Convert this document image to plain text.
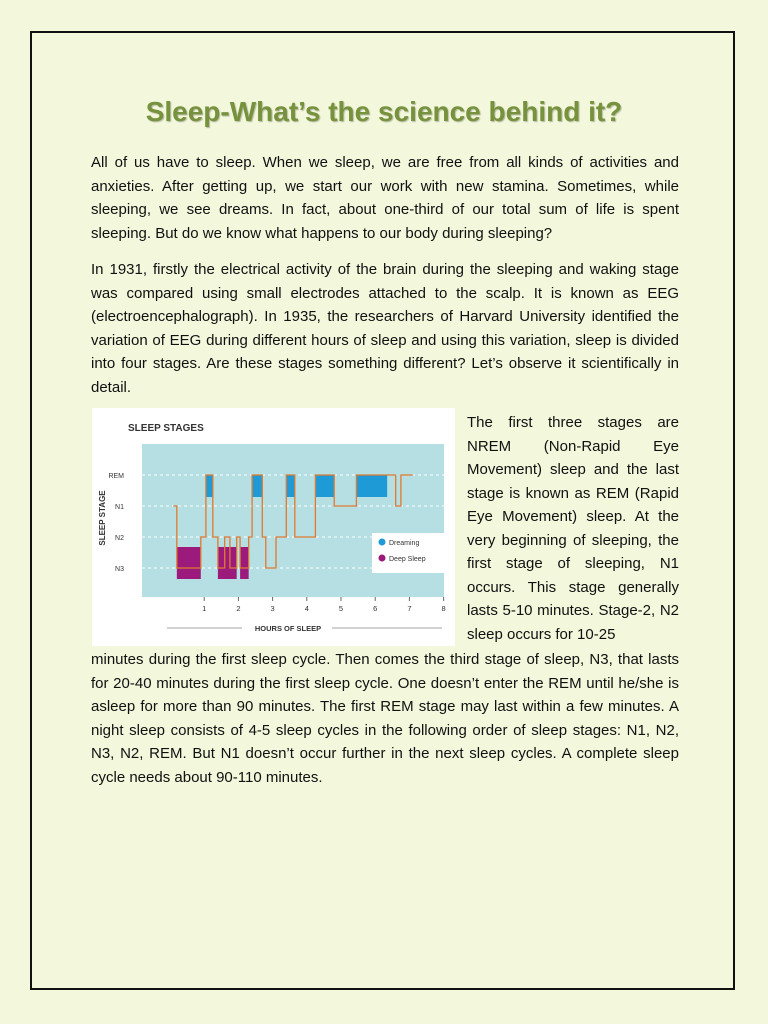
Sleep-What’s the science behind it?

All of us have to sleep. When we sleep, we are free from all kinds of activities and anxieties. After getting up, we start our work with new stamina. Sometimes, while sleeping, we see dreams. In fact, about one-third of our total sum of life is spent sleeping. But do we know what happens to our body during sleeping?

In 1931, firstly the electrical activity of the brain during the sleeping and waking stage was compared using small electrodes attached to the scalp. It is known as EEG (electroencephalograph). In 1935, the researchers of Harvard University identified the variation of EEG during different hours of sleep and using this variation, sleep is divided into four stages. Are these stages something different? Let’s observe it scientifically in detail.

SLEEP STAGES
SLEEP STAGE
HOURS OF SLEEP
REM
N1
N2
N3
1	2	3	4	5	6	7	8
Dreaming
Deep Sleep

The first three stages are NREM (Non-Rapid Eye Movement) sleep and the last stage is known as REM (Rapid Eye Movement) sleep. At the very beginning of sleeping, the first stage of sleeping, N1 occurs. This stage generally lasts 5-10 minutes. Stage-2, N2 sleep occurs for 10-25

minutes during the first sleep cycle. Then comes the third stage of sleep, N3, that lasts for 20-40 minutes during the first sleep cycle. One doesn’t enter the REM until he/she is asleep for more than 90 minutes. The first REM stage may last within a few minutes. A night sleep consists of 4-5 sleep cycles in the following order of sleep stages: N1, N2, N3, N2, REM. But N1 doesn’t occur further in the next sleep cycles. A complete sleep cycle needs about 90-110 minutes.
